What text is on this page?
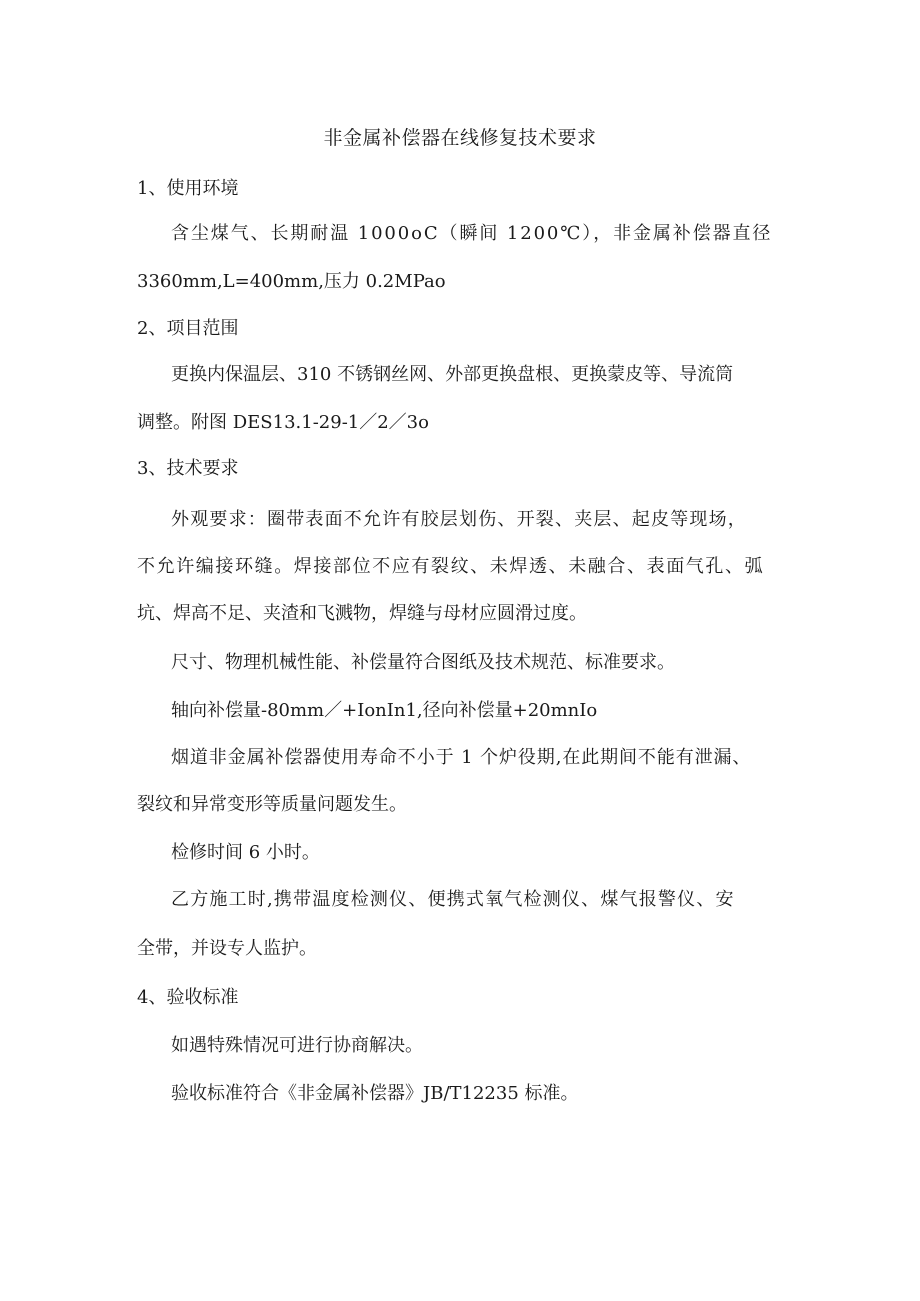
非金属补偿器在线修复技术要求
1、使用环境
含尘煤气、长期耐温 1000oC（瞬间 1200℃），非金属补偿器直径
3360mm,L=400mm,压力 0.2MPao
2、项目范围
更换内保温层、310 不锈钢丝网、外部更换盘根、更换蒙皮等、导流筒
调整。附图 DES13.1-29-1／2／3o
3、技术要求
外观要求：圈带表面不允许有胶层划伤、开裂、夹层、起皮等现场，
不允许编接环缝。焊接部位不应有裂纹、未焊透、未融合、表面气孔、弧
坑、焊高不足、夹渣和飞溅物，焊缝与母材应圆滑过度。
尺寸、物理机械性能、补偿量符合图纸及技术规范、标准要求。
轴向补偿量-80mm／+IonIn1,径向补偿量+20mnIo
烟道非金属补偿器使用寿命不小于 1 个炉役期,在此期间不能有泄漏、
裂纹和异常变形等质量问题发生。
检修时间 6 小时。
乙方施工时,携带温度检测仪、便携式氧气检测仪、煤气报警仪、安
全带，并设专人监护。
4、验收标准
如遇特殊情况可进行协商解决。
验收标准符合《非金属补偿器》JB/T12235 标准。
